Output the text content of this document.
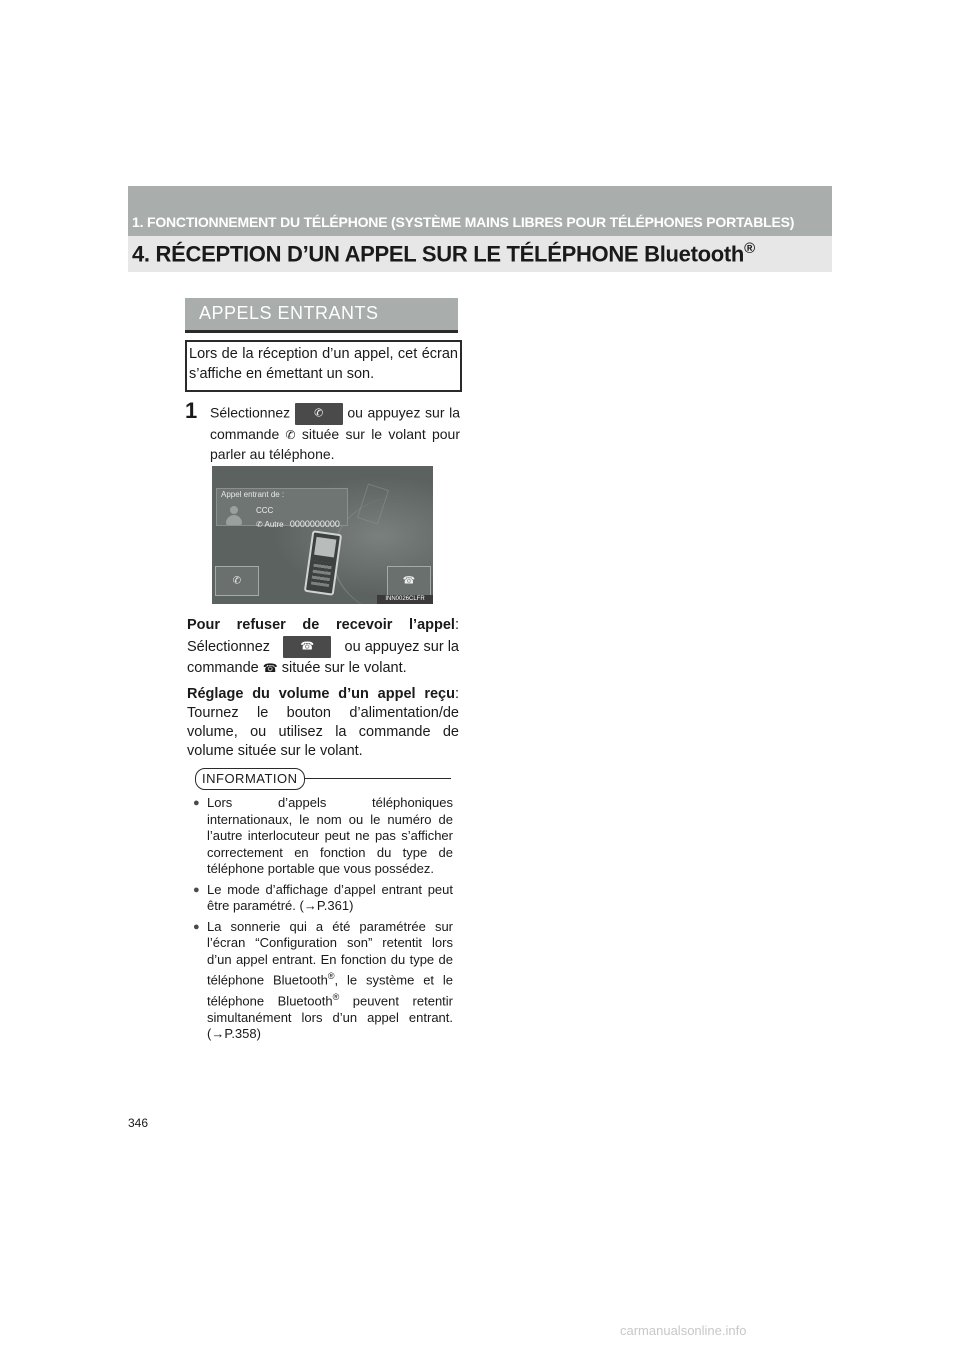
1. FONCTIONNEMENT DU TÉLÉPHONE (SYSTÈME MAINS LIBRES POUR TÉLÉPHONES PORTABLES)
4. RÉCEPTION D’UN APPEL SUR LE TÉLÉPHONE Bluetooth®
APPELS ENTRANTS
Lors de la réception d’un appel, cet écran s’affiche en émettant un son.
1 Sélectionnez ✆ ou appuyez sur la commande ✆ située sur le volant pour parler au téléphone.
Appel entrant de :
CCC
✆ Autre 0000000000
✆	☎
INN0026CLFR
Pour refuser de recevoir l’appel:
Sélectionnez	☎ ou appuyez sur la
commande ☎ située sur le volant.
Réglage du volume d’un appel reçu:
Tournez le bouton d’alimentation/de volume, ou utilisez la commande de volume située sur le volant.
INFORMATION
● Lors d’appels téléphoniques internationaux, le nom ou le numéro de l’autre interlocuteur peut ne pas s’afficher correctement en fonction du type de téléphone portable que vous possédez.
● Le mode d’affichage d’appel entrant peut être paramétré. (→P.361)
● La sonnerie qui a été paramétrée sur l’écran “Configuration son” retentit lors d’un appel entrant. En fonction du type de téléphone Bluetooth®, le système et le téléphone Bluetooth® peuvent retentir simultanément lors d’un appel entrant. (→P.358)
346
carmanualsonline.info
